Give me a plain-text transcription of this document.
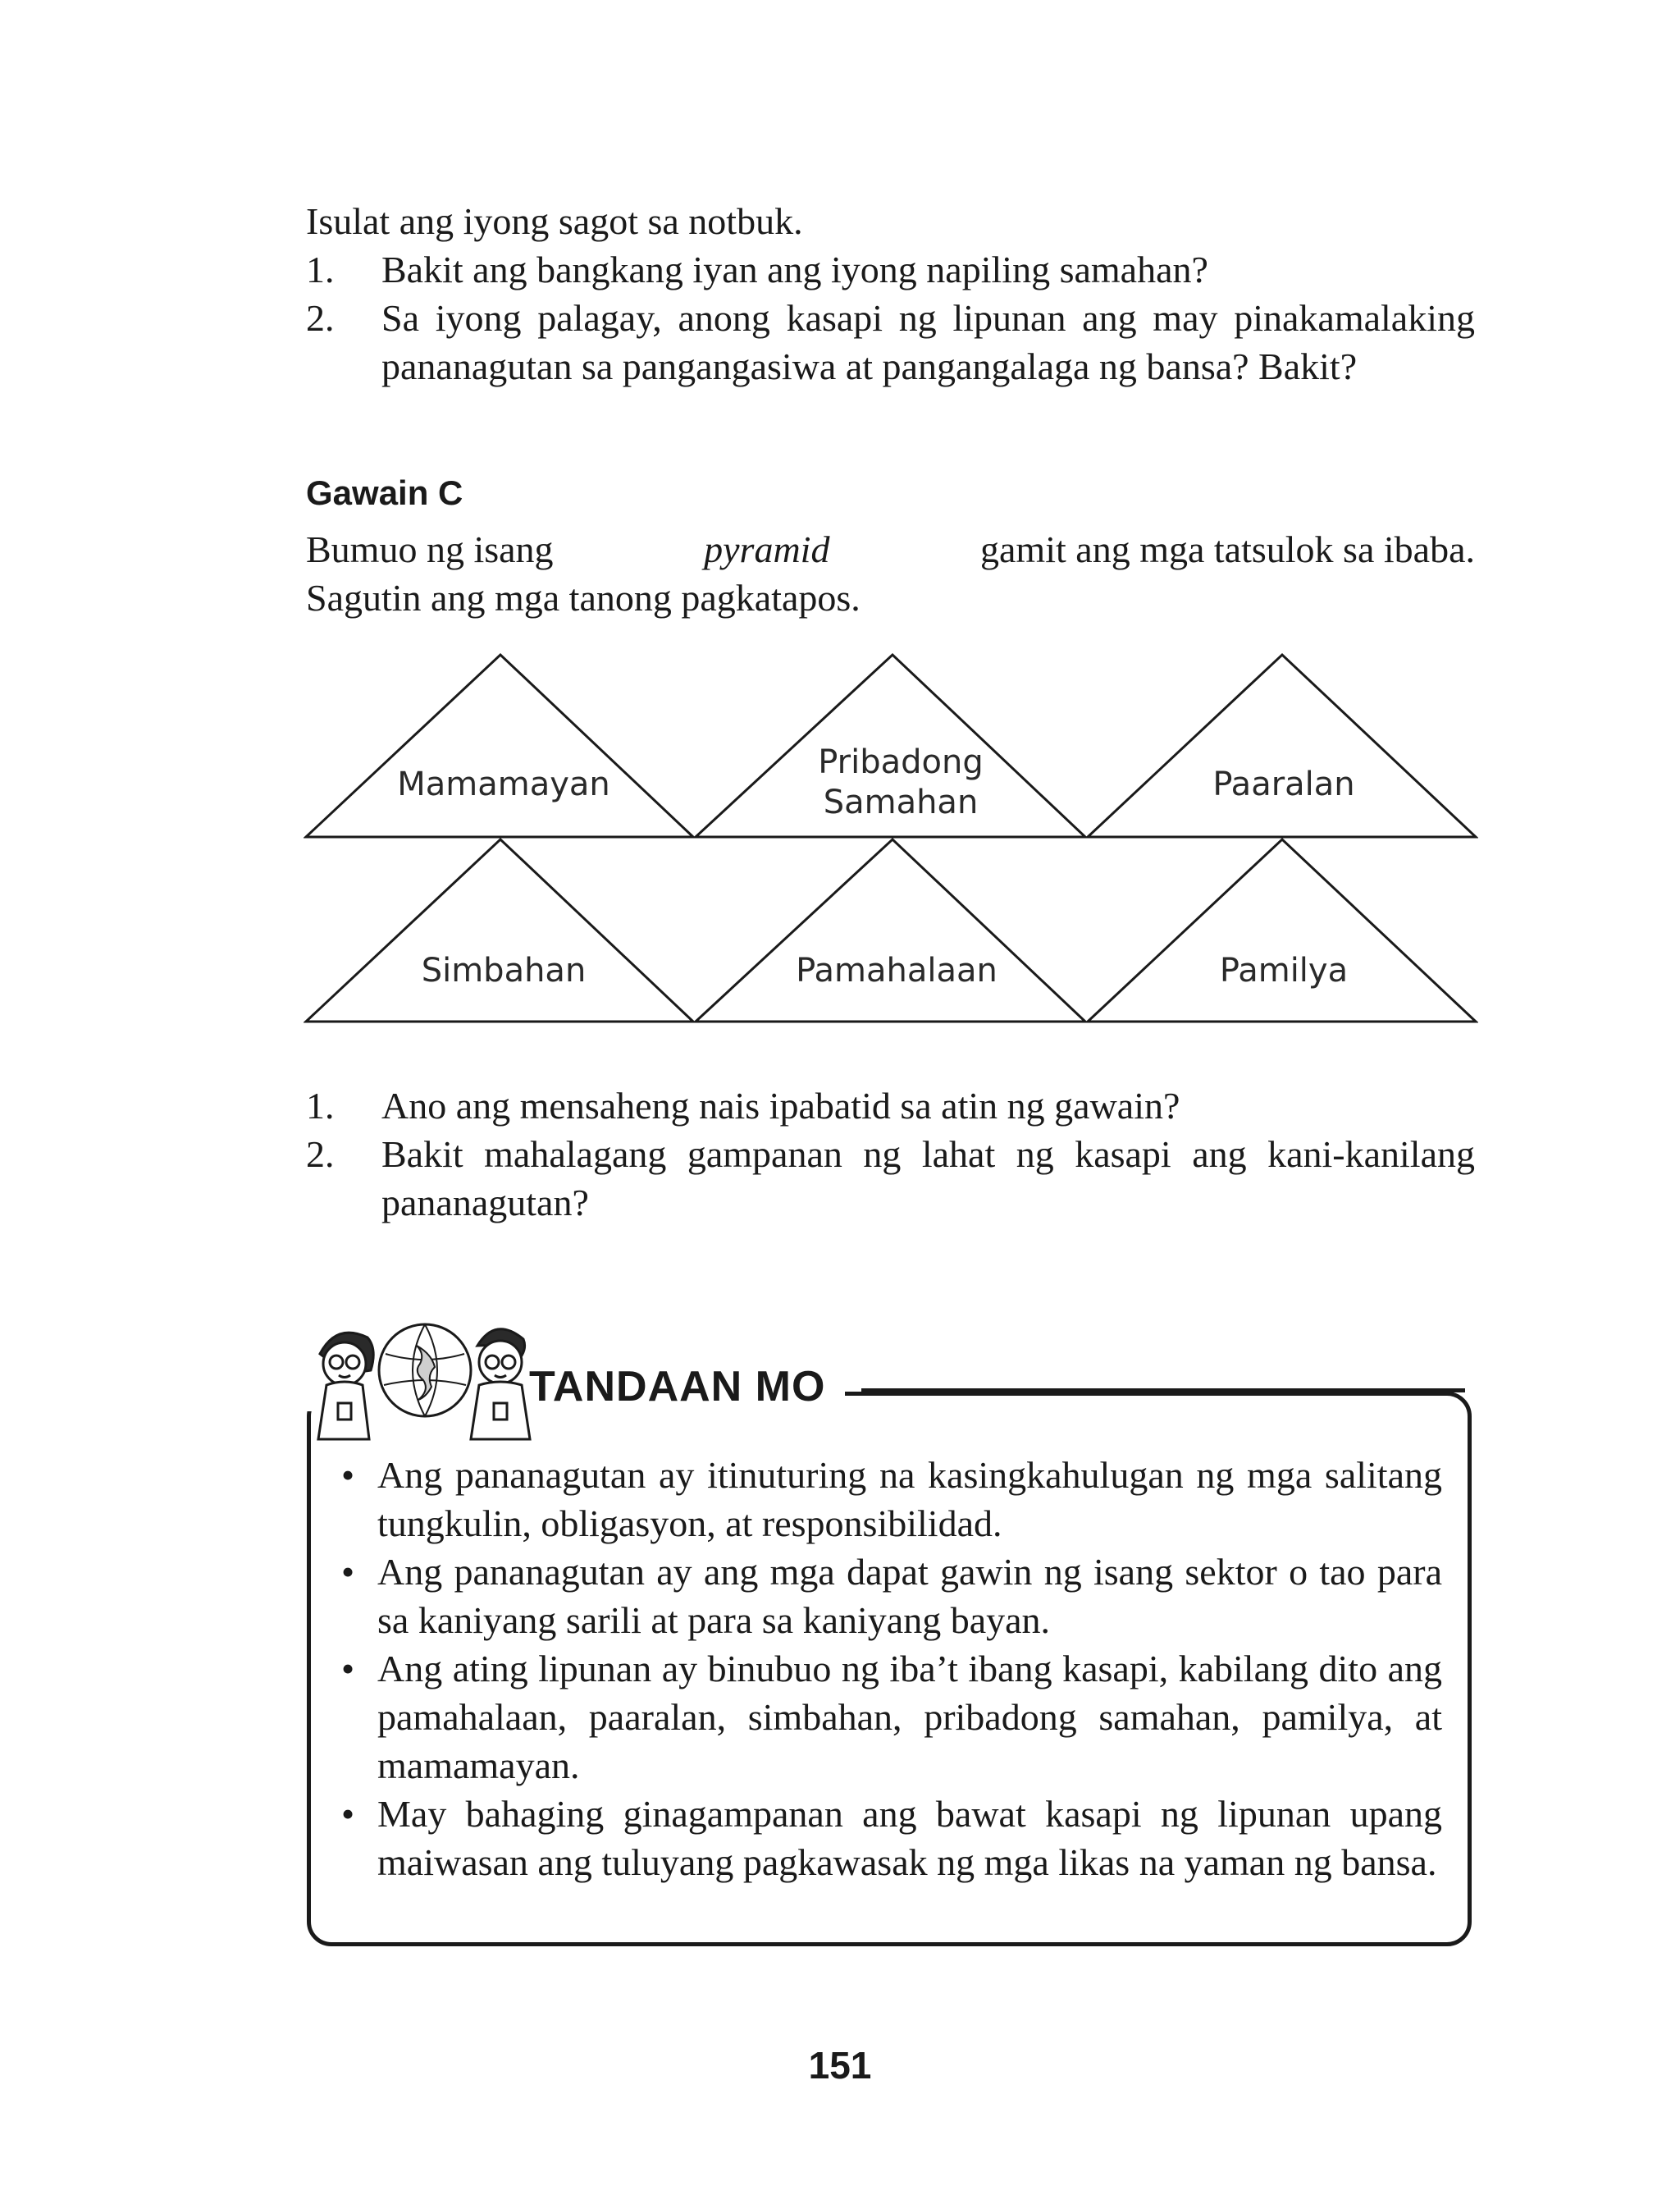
Isulat ang iyong sagot sa notbuk.
1. Bakit ang bangkang iyan ang iyong napiling samahan?
2. Sa iyong palagay, anong kasapi ng lipunan ang may pinakamalaking pananagutan sa pangangasiwa at pangangalaga ng bansa? Bakit?
Gawain C
Bumuo ng isang	pyramid	gamit ang mga tatsulok sa ibaba.
Sagutin ang mga tanong pagkatapos.
Mamamayan
Pribadong
Samahan	Paaralan
Simbahan	Pamahalaan	Pamilya
1. Ano ang mensaheng nais ipabatid sa atin ng gawain?
2. Bakit mahalagang gampanan ng lahat ng kasapi ang kani-kanilang pananagutan?
TANDAAN MO
• Ang pananagutan ay itinuturing na kasingkahulugan ng mga salitang tungkulin, obligasyon, at responsibilidad.
• Ang pananagutan ay ang mga dapat gawin ng isang sektor o tao para sa kaniyang sarili at para sa kaniyang bayan.
• Ang ating lipunan ay binubuo ng iba’t ibang kasapi, kabilang dito ang pamahalaan, paaralan, simbahan, pribadong samahan, pamilya, at mamamayan.
• May bahaging ginagampanan ang bawat kasapi ng lipunan upang maiwasan ang tuluyang pagkawasak ng mga likas na yaman ng bansa.
151
